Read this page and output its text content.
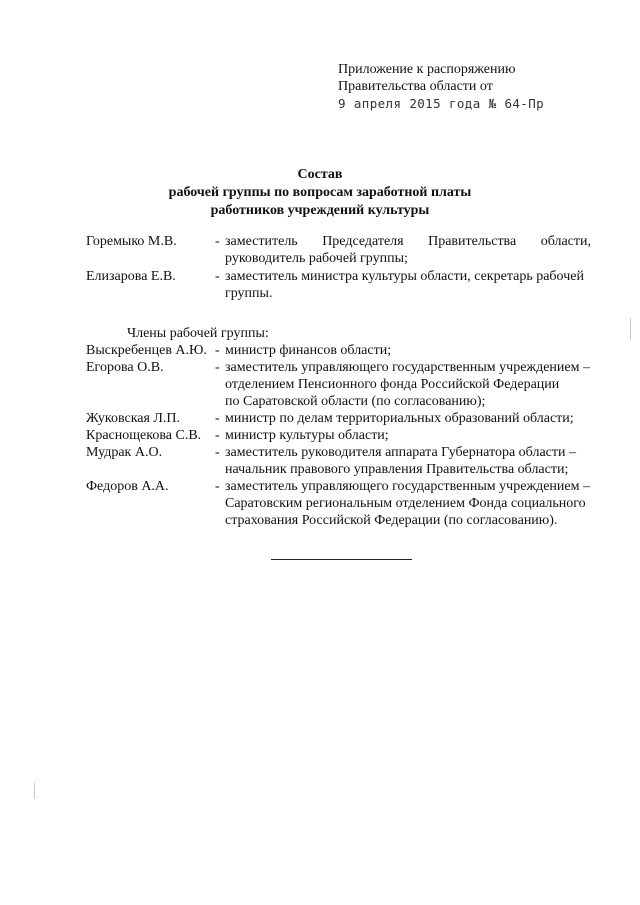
Приложение к распоряжению
Правительства области от
9 апреля 2015 года № 64-Пр
Состав
рабочей группы по вопросам заработной платы
работников учреждений культуры
Горемыко М.В.	- заместитель Председателя Правительства области,
руководитель рабочей группы;
Елизарова Е.В.	- заместитель министра культуры области, секретарь рабочей
группы.
Члены рабочей группы:
Выскребенцев А.Ю. - министр финансов области;
Егорова О.В.	- заместитель управляющего государственным учреждением –
отделением Пенсионного фонда Российской Федерации
по Саратовской области (по согласованию);
Жуковская Л.П. - министр по делам территориальных образований области;
Краснощекова С.В. - министр культуры области;
Мудрак А.О.	- заместитель руководителя аппарата Губернатора области –
начальник правового управления Правительства области;
Федоров А.А.	- заместитель управляющего государственным учреждением –
Саратовским региональным отделением Фонда социального
страхования Российской Федерации (по согласованию).
